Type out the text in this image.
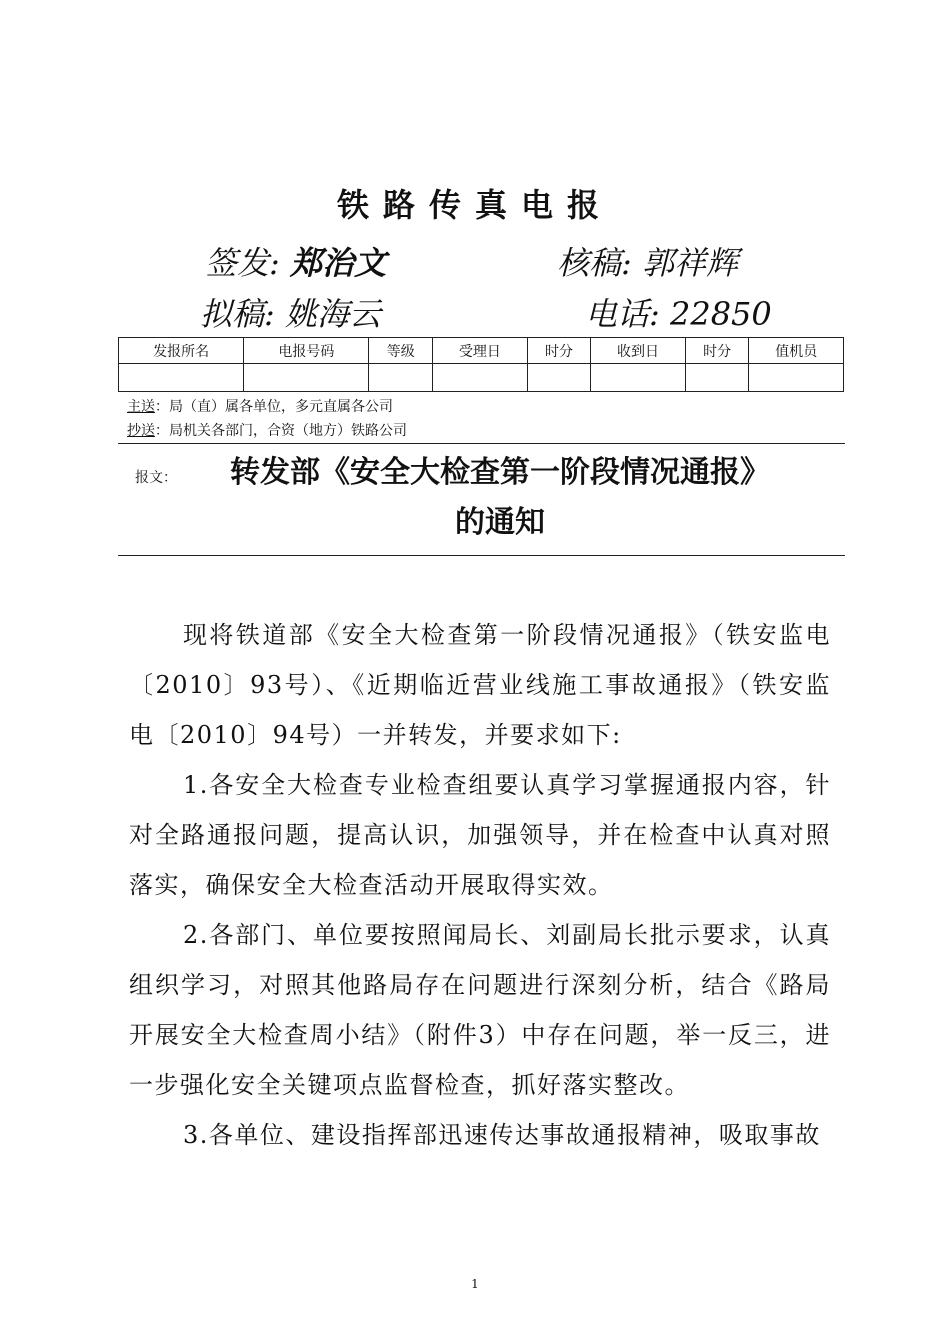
铁路传真电报
签发: 郑治文	核稿: 郭祥辉
拟稿: 姚海云	电话: 22850
发报所名	电报号码	等级	受理日	时分	收到日	时分	值机员

主送：局（直）属各单位，多元直属各公司
抄送：局机关各部门，合资（地方）铁路公司
报文：	转发部《安全大检查第一阶段情况通报》
的通知

现将铁道部《安全大检查第一阶段情况通报》（铁安监电〔2010〕93号）、《近期临近营业线施工事故通报》（铁安监电〔2010〕94号）一并转发，并要求如下:

1.各安全大检查专业检查组要认真学习掌握通报内容，针对全路通报问题，提高认识，加强领导，并在检查中认真对照落实，确保安全大检查活动开展取得实效。

2.各部门、单位要按照闻局长、刘副局长批示要求，认真组织学习，对照其他路局存在问题进行深刻分析，结合《路局开展安全大检查周小结》（附件3）中存在问题，举一反三，进一步强化安全关键项点监督检查，抓好落实整改。

3.各单位、建设指挥部迅速传达事故通报精神，吸取事故

1
